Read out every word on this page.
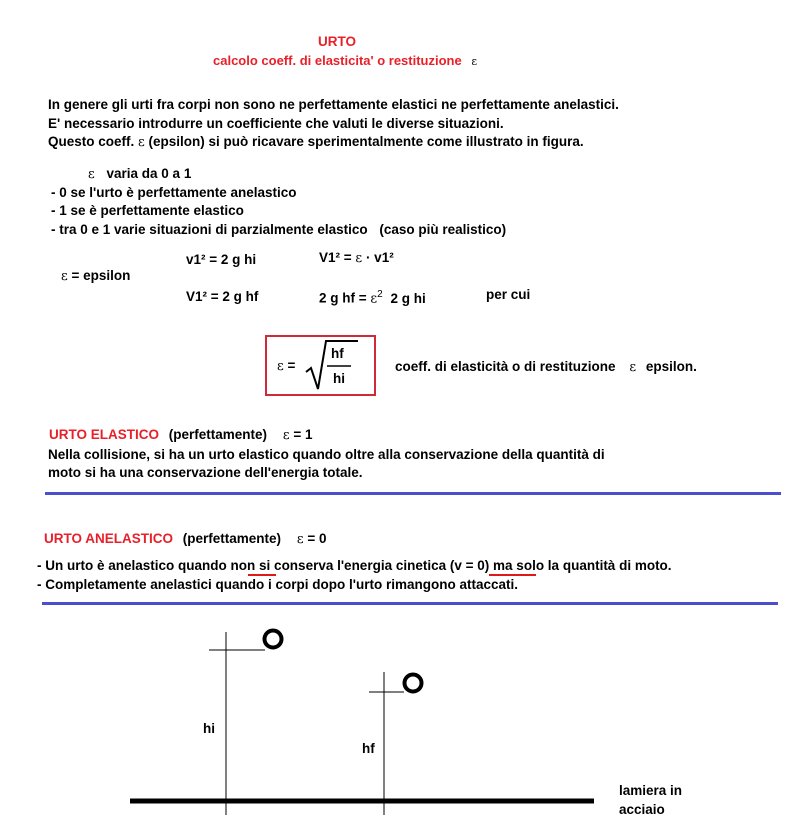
URTO
calcolo coeff. di elasticita' o restituzione ε
In genere gli urti fra corpi non sono ne perfettamente elastici ne perfettamente anelastici.
E' necessario introdurre un coefficiente che valuti le diverse situazioni.
Questo coeff. ε (epsilon) si può ricavare sperimentalmente come illustrato in figura.
ε varia da 0 a 1
- 0 se l'urto è perfettamente anelastico
- 1 se è perfettamente elastico
- tra 0 e 1 varie situazioni di parzialmente elastico (caso più realistico)
ε = epsilon
v1² = 2 g hi	V1² = ε · v1²
V1² = 2 g hf	2 g hf = $\varepsilon^2$ 2 g hi	per cui
ε =
hf
hi
coeff. di elasticità o di restituzione ε epsilon.
URTO ELASTICO (perfettamente) ε = 1
Nella collisione, si ha un urto elastico quando oltre alla conservazione della quantità di
moto si ha una conservazione dell'energia totale.
URTO ANELASTICO (perfettamente) ε = 0
- Un urto è anelastico quando non si conserva l'energia cinetica (v = 0) ma solo la quantità di moto.
- Completamente anelastici quando i corpi dopo l'urto rimangono attaccati.
hi
hf
lamiera in
acciaio
